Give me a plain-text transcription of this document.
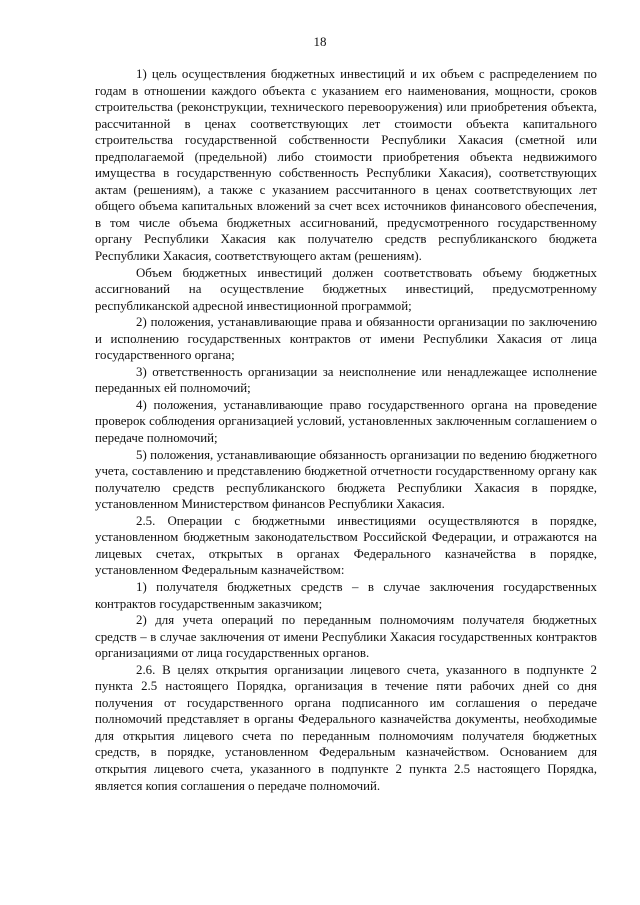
18

1) цель осуществления бюджетных инвестиций и их объем с распределением по годам в отношении каждого объекта с указанием его наименования, мощности, сроков строительства (реконструкции, технического перевооружения) или приобретения объекта, рассчитанной в ценах соответствующих лет стоимости объекта капитального строительства государственной собственности Республики Хакасия (сметной или предполагаемой (предельной) либо стоимости приобретения объекта недвижимого имущества в государственную собственность Республики Хакасия), соответствующих актам (решениям), а также с указанием рассчитанного в ценах соответствующих лет общего объема капитальных вложений за счет всех источников финансового обеспечения, в том числе объема бюджетных ассигнований, предусмотренного государственному органу Республики Хакасия как получателю средств республиканского бюджета Республики Хакасия, соответствующего актам (решениям).

Объем бюджетных инвестиций должен соответствовать объему бюджетных ассигнований на осуществление бюджетных инвестиций, предусмотренному республиканской адресной инвестиционной программой;

2) положения, устанавливающие права и обязанности организации по заключению и исполнению государственных контрактов от имени Республики Хакасия от лица государственного органа;

3) ответственность организации за неисполнение или ненадлежащее исполнение переданных ей полномочий;

4) положения, устанавливающие право государственного органа на проведение проверок соблюдения организацией условий, установленных заключенным соглашением о передаче полномочий;

5) положения, устанавливающие обязанность организации по ведению бюджетного учета, составлению и представлению бюджетной отчетности государственному органу как получателю средств республиканского бюджета Республики Хакасия в порядке, установленном Министерством финансов Республики Хакасия.

2.5. Операции с бюджетными инвестициями осуществляются в порядке, установленном бюджетным законодательством Российской Федерации, и отражаются на лицевых счетах, открытых в органах Федерального казначейства в порядке, установленном Федеральным казначейством:

1) получателя бюджетных средств – в случае заключения государственных контрактов государственным заказчиком;

2) для учета операций по переданным полномочиям получателя бюджетных средств – в случае заключения от имени Республики Хакасия государственных контрактов организациями от лица государственных органов.

2.6. В целях открытия организации лицевого счета, указанного в подпункте 2 пункта 2.5 настоящего Порядка, организация в течение пяти рабочих дней со дня получения от государственного органа подписанного им соглашения о передаче полномочий представляет в органы Федерального казначейства документы, необходимые для открытия лицевого счета по переданным полномочиям получателя бюджетных средств, в порядке, установленном Федеральным казначейством. Основанием для открытия лицевого счета, указанного в подпункте 2 пункта 2.5 настоящего Порядка, является копия соглашения о передаче полномочий.
